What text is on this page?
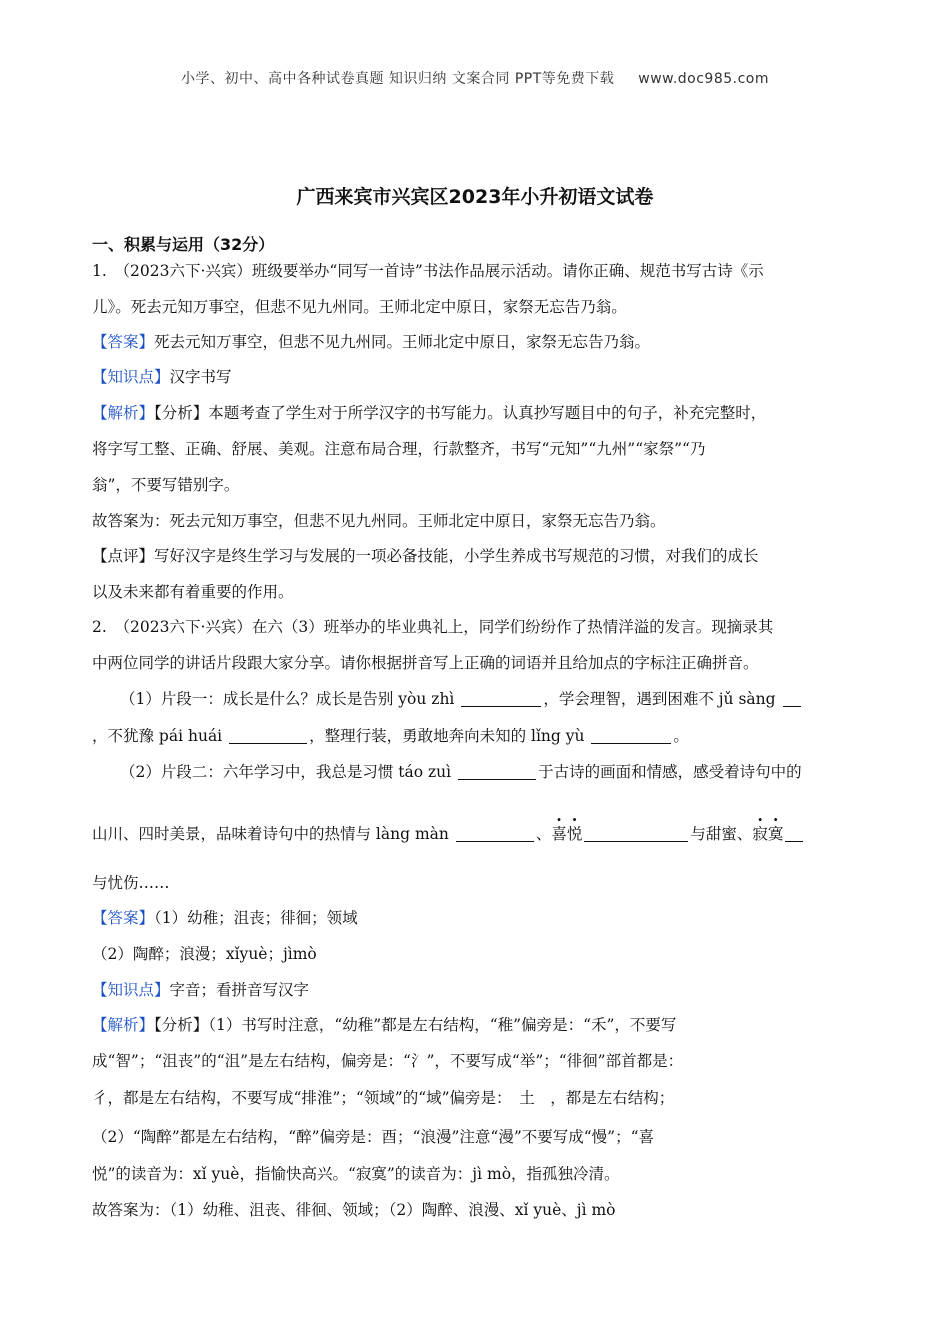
小学、初中、高中各种试卷真题 知识归纳 文案合同 PPT等免费下载 www.doc985.com
广西来宾市兴宾区2023年小升初语文试卷
一、积累与运用（32分）
1.　（2023六下·兴宾）班级要举办“同写一首诗”书法作品展示活动。请你正确、规范书写古诗《示
儿》。死去元知万事空，但悲不见九州同。王师北定中原日，家祭无忘告乃翁。
【答案】死去元知万事空，但悲不见九州同。王师北定中原日，家祭无忘告乃翁。
【知识点】汉字书写
【解析】【分析】本题考查了学生对于所学汉字的书写能力。认真抄写题目中的句子，补充完整时，
将字写工整、正确、舒展、美观。注意布局合理，行款整齐，书写“元知”“九州”“家祭”“乃
翁”，不要写错别字。
故答案为：死去元知万事空，但悲不见九州同。王师北定中原日，家祭无忘告乃翁。
【点评】写好汉字是终生学习与发展的一项必备技能，小学生养成书写规范的习惯，对我们的成长
以及未来都有着重要的作用。
2.　（2023六下·兴宾）在六（3）班举办的毕业典礼上，同学们纷纷作了热情洋溢的发言。现摘录其
中两位同学的讲话片段跟大家分享。请你根据拼音写上正确的词语并且给加点的字标注正确拼音。
（1）片段一：成长是什么？成长是告别 yòu zhì	，学会理智，遇到困难不 jǔ sàng
，不犹豫 pái huái	，整理行装，勇敢地奔向未知的 lǐng yù	。
（2）片段二：六年学习中，我总是习惯 táo zuì	于古诗的画面和情感，感受着诗句中的
山川、四时美景，品味着诗句中的热情与 làng màn	、喜悦	与甜蜜、寂寞
与忧伤……
【答案】（1）幼稚；沮丧；徘徊；领域
（2）陶醉；浪漫；xǐyuè；jìmò
【知识点】字音；看拼音写汉字
【解析】【分析】（1）书写时注意，“幼稚”都是左右结构，“稚”偏旁是：“禾”，不要写
成“智”；“沮丧”的“沮”是左右结构，偏旁是：“氵”，不要写成“举”；“徘徊”部首都是：
彳，都是左右结构，不要写成“排淮”；“领域”的“域”偏旁是：　土　，都是左右结构；
（2）“陶醉”都是左右结构，“醉”偏旁是：酉；“浪漫”注意“漫”不要写成“慢”；“喜
悦”的读音为：xǐ yuè，指愉快高兴。“寂寞”的读音为：jì mò，指孤独冷清。
故答案为：（1）幼稚、沮丧、徘徊、领域；（2）陶醉、浪漫、xǐ yuè、jì mò
